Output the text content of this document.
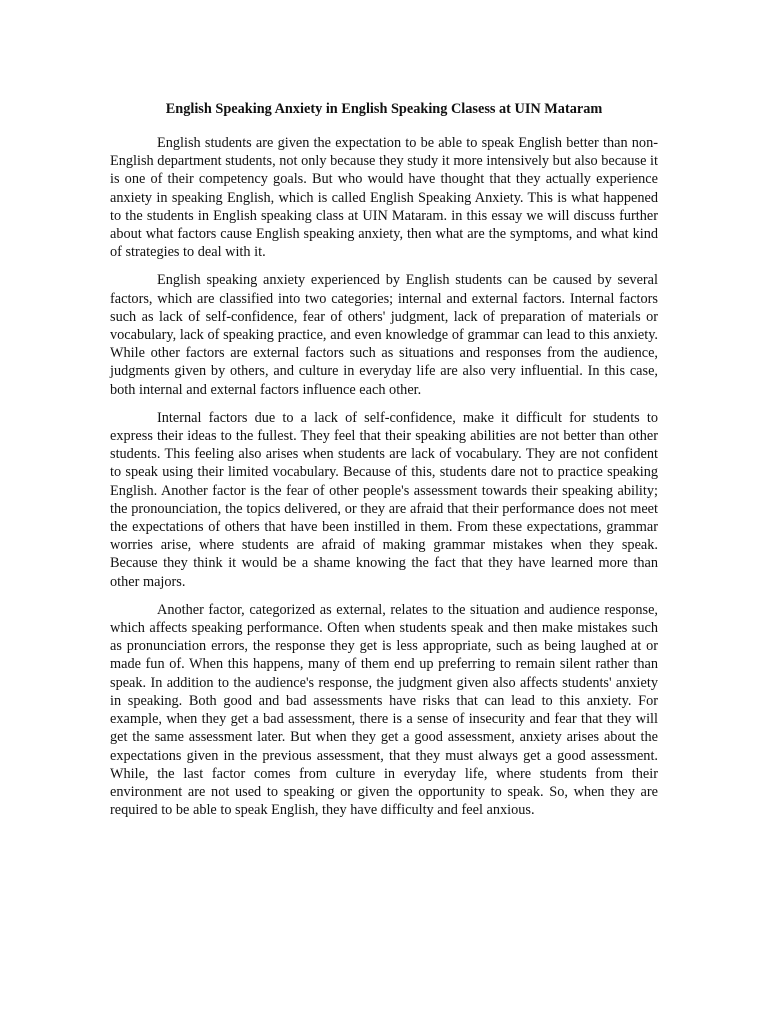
English Speaking Anxiety in English Speaking Clasess at UIN Mataram

English students are given the expectation to be able to speak English better than non-English department students, not only because they study it more intensively but also because it is one of their competency goals. But who would have thought that they actually experience anxiety in speaking English, which is called English Speaking Anxiety. This is what happened to the students in English speaking class at UIN Mataram. in this essay we will discuss further about what factors cause English speaking anxiety, then what are the symptoms, and what kind of strategies to deal with it.

English speaking anxiety experienced by English students can be caused by several factors, which are classified into two categories; internal and external factors. Internal factors such as lack of self-confidence, fear of others' judgment, lack of preparation of materials or vocabulary, lack of speaking practice, and even knowledge of grammar can lead to this anxiety. While other factors are external factors such as situations and responses from the audience, judgments given by others, and culture in everyday life are also very influential. In this case, both internal and external factors influence each other.

Internal factors due to a lack of self-confidence, make it difficult for students to express their ideas to the fullest. They feel that their speaking abilities are not better than other students. This feeling also arises when students are lack of vocabulary. They are not confident to speak using their limited vocabulary. Because of this, students dare not to practice speaking English. Another factor is the fear of other people's assessment towards their speaking ability; the pronounciation, the topics delivered, or they are afraid that their performance does not meet the expectations of others that have been instilled in them. From these expectations, grammar worries arise, where students are afraid of making grammar mistakes when they speak. Because they think it would be a shame knowing the fact that they have learned more than other majors.

Another factor, categorized as external, relates to the situation and audience response, which affects speaking performance. Often when students speak and then make mistakes such as pronunciation errors, the response they get is less appropriate, such as being laughed at or made fun of. When this happens, many of them end up preferring to remain silent rather than speak. In addition to the audience's response, the judgment given also affects students' anxiety in speaking. Both good and bad assessments have risks that can lead to this anxiety. For example, when they get a bad assessment, there is a sense of insecurity and fear that they will get the same assessment later. But when they get a good assessment, anxiety arises about the expectations given in the previous assessment, that they must always get a good assessment. While, the last factor comes from culture in everyday life, where students from their environment are not used to speaking or given the opportunity to speak. So, when they are required to be able to speak English, they have difficulty and feel anxious.
